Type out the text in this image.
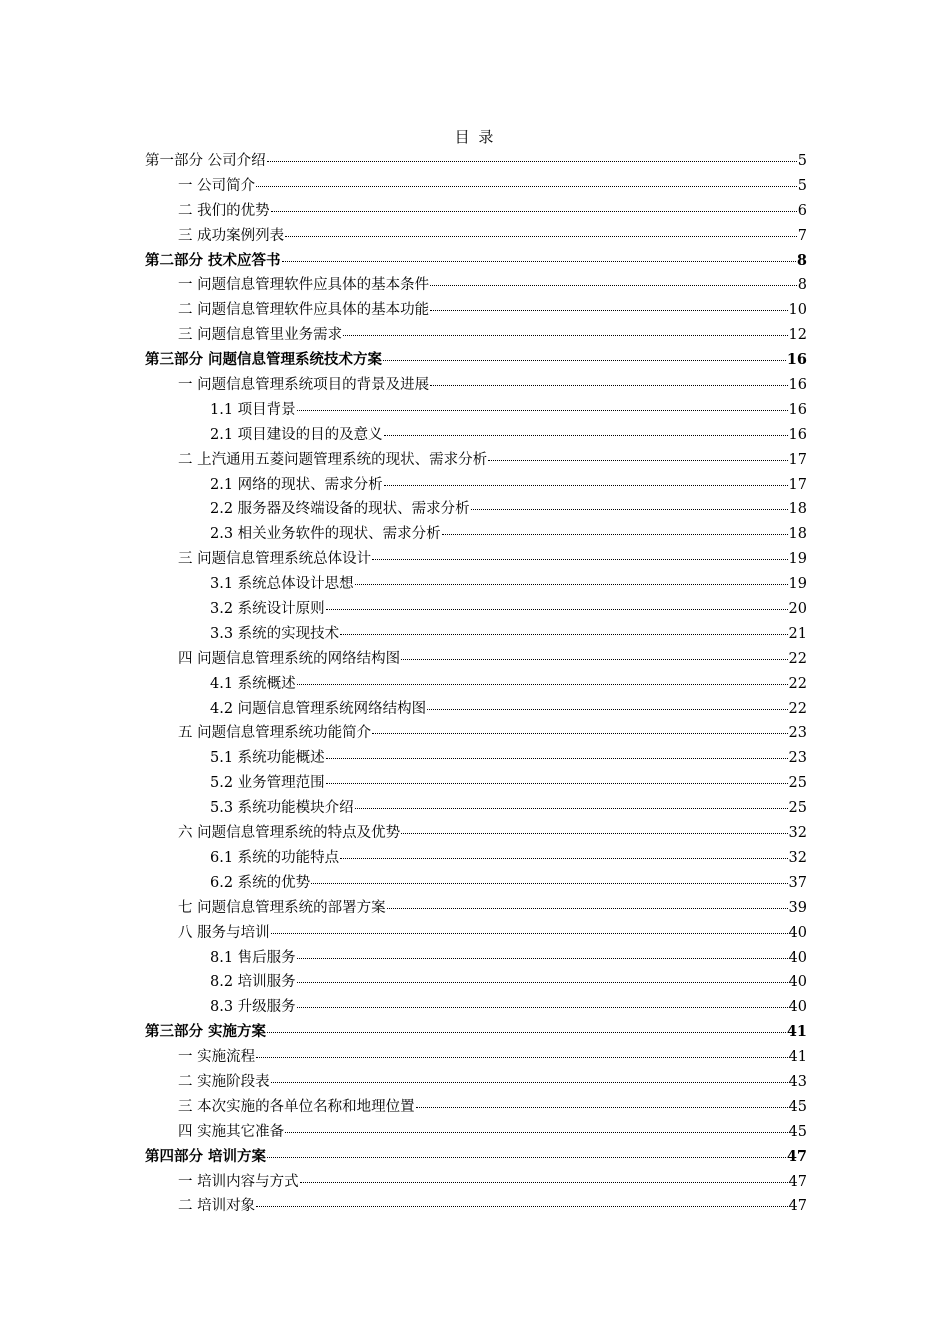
目 录
第一部分 公司介绍	5
一 公司简介	5
二 我们的优势	6
三 成功案例列表	7
第二部分 技术应答书	8
一 问题信息管理软件应具体的基本条件	8
二 问题信息管理软件应具体的基本功能	10
三 问题信息管里业务需求	12
第三部分 问题信息管理系统技术方案	16
一 问题信息管理系统项目的背景及进展	16
1.1 项目背景	16
2.1 项目建设的目的及意义	16
二 上汽通用五菱问题管理系统的现状、需求分析	17
2.1 网络的现状、需求分析	17
2.2 服务器及终端设备的现状、需求分析	18
2.3 相关业务软件的现状、需求分析	18
三 问题信息管理系统总体设计	19
3.1 系统总体设计思想	19
3.2 系统设计原则	20
3.3 系统的实现技术	21
四 问题信息管理系统的网络结构图	22
4.1 系统概述	22
4.2 问题信息管理系统网络结构图	22
五 问题信息管理系统功能简介	23
5.1 系统功能概述	23
5.2 业务管理范围	25
5.3 系统功能模块介绍	25
六 问题信息管理系统的特点及优势	32
6.1 系统的功能特点	32
6.2 系统的优势	37
七 问题信息管理系统的部署方案	39
八 服务与培训	40
8.1 售后服务	40
8.2 培训服务	40
8.3 升级服务	40
第三部分 实施方案	41
一 实施流程	41
二 实施阶段表	43
三 本次实施的各单位名称和地理位置	45
四 实施其它准备	45
第四部分 培训方案	47
一 培训内容与方式	47
二 培训对象	47
